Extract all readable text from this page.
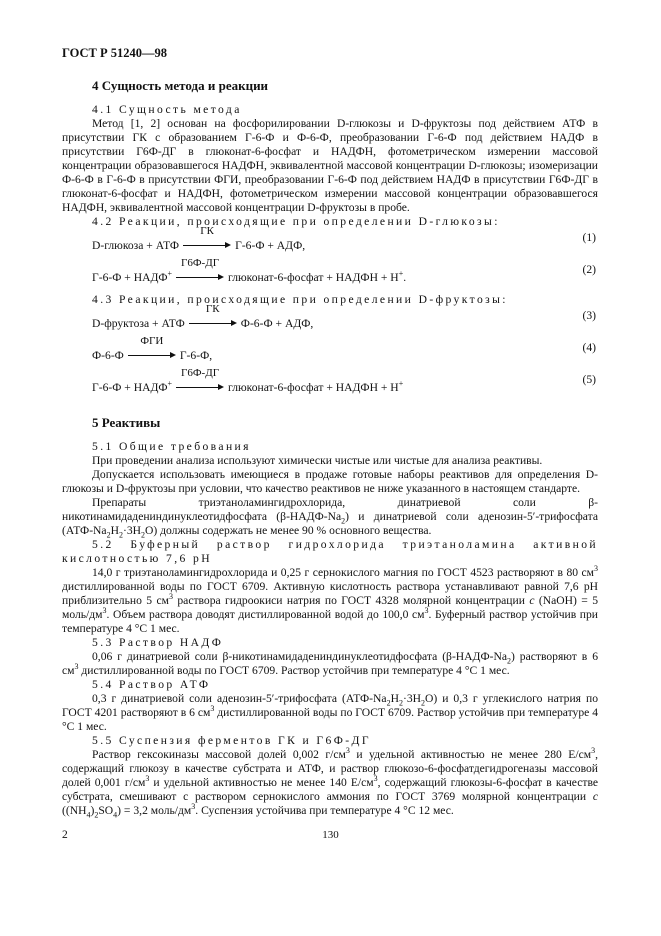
ГОСТ Р 51240—98
4 Сущность метода и реакции

4.1 Сущность метода

Метод [1, 2] основан на фосфорилировании D-глюкозы и D-фруктозы под действием АТФ в присутствии ГК с образованием Г-6-Ф и Ф-6-Ф, преобразовании Г-6-Ф под действием НАДФ в присутствии Г6Ф-ДГ в глюконат-6-фосфат и НАДФН, фотометрическом измерении массовой концентрации образовавшегося НАДФН, эквивалентной массовой концентрации D-глюкозы; изомеризации Ф-6-Ф в Г-6-Ф в присутствии ФГИ, преобразовании Г-6-Ф под действием НАДФ в присутствии Г6Ф-ДГ в глюконат-6-фосфат и НАДФН, фотометрическом измерении массовой концентрации образовавшегося НАДФН, эквивалентной массовой концентрации D-фруктозы в пробе.

4.2 Реакции, происходящие при определении D-глюкозы:

D-глюкоза + АТФ
ГК
Г-6-Ф + АДФ,
(1)
Г-6-Ф + НАДФ+
Г6Ф-ДГ
глюконат-6-фосфат + НАДФН + Н+.
(2)

4.3 Реакции, происходящие при определении D-фруктозы:

D-фруктоза + АТФ
ГК
Ф-6-Ф + АДФ,
(3)
Ф-6-Ф
ФГИ
Г-6-Ф,
(4)
Г-6-Ф + НАДФ+
Г6Ф-ДГ
глюконат-6-фосфат + НАДФН + Н+	(5)
5 Реактивы

5.1 Общие требования

При проведении анализа используют химически чистые или чистые для анализа реактивы.

Допускается использовать имеющиеся в продаже готовые наборы реактивов для определения D-глюкозы и D-фруктозы при условии, что качество реактивов не ниже указанного в настоящем стандарте.

Препараты триэтаноламингидрохлорида, динатриевой соли β-никотинамидадениндинуклеотидфосфата $(\beta-НАДФ-Na_2)$ и динатриевой соли аденозин-5′-трифосфата $(АТФ-Na_2H_2\cdot 3Н_2О)$ должны содержать не менее 90 % основного вещества.

5.2 Буферный раствор гидрохлорида триэтаноламина активной кислотностью 7,6 pH

14,0 г триэтаноламингидрохлорида и 0,25 г сернокислого магния по ГОСТ 4523 растворяют в 80 $см^3$ дистиллированной воды по ГОСТ 6709. Активную кислотность раствора устанавливают равной 7,6 pH приблизительно 5 $см^3$ раствора гидроокиси натрия по ГОСТ 4328 молярной концентрации c (NaOH) = 5 моль/$дм^3$. Объем раствора доводят дистиллированной водой до 100,0 $см^3$. Буферный раствор устойчив при температуре 4 °С 1 мес.

5.3 Раствор НАДФ

0,06 г динатриевой соли β-никотинамидадениндинуклеотидфосфата $(\beta-НАДФ-Na_2)$ растворяют в 6 $см^3$ дистиллированной воды по ГОСТ 6709. Раствор устойчив при температуре 4 °С 1 мес.

5.4 Раствор АТФ

0,3 г динатриевой соли аденозин-5′-трифосфата $(АТФ-Na_2H_2\cdot 3Н_2О)$ и 0,3 г углекислого натрия по ГОСТ 4201 растворяют в 6 $см^3$ дистиллированной воды по ГОСТ 6709. Раствор устойчив при температуре 4 °С 1 мес.

5.5 Суспензия ферментов ГК и Г6Ф-ДГ

Раствор гексокиназы массовой долей 0,002 $г/см^3$ и удельной активностью не менее 280 $Е/см^3$, содержащий глюкозу в качестве субстрата и АТФ, и раствор глюкозо-6-фосфатдегидрогеназы массовой долей 0,001 $г/см^3$ и удельной активностью не менее 140 $Е/см^3$, содержащий глюкозы-6-фосфат в качестве субстрата, смешивают с раствором сернокислого аммония по ГОСТ 3769 молярной концентрации c $((NH_4)_2SO_4) = 3,2$ моль/$дм^3$. Суспензия устойчива при температуре 4 °С 12 мес.

2	130
